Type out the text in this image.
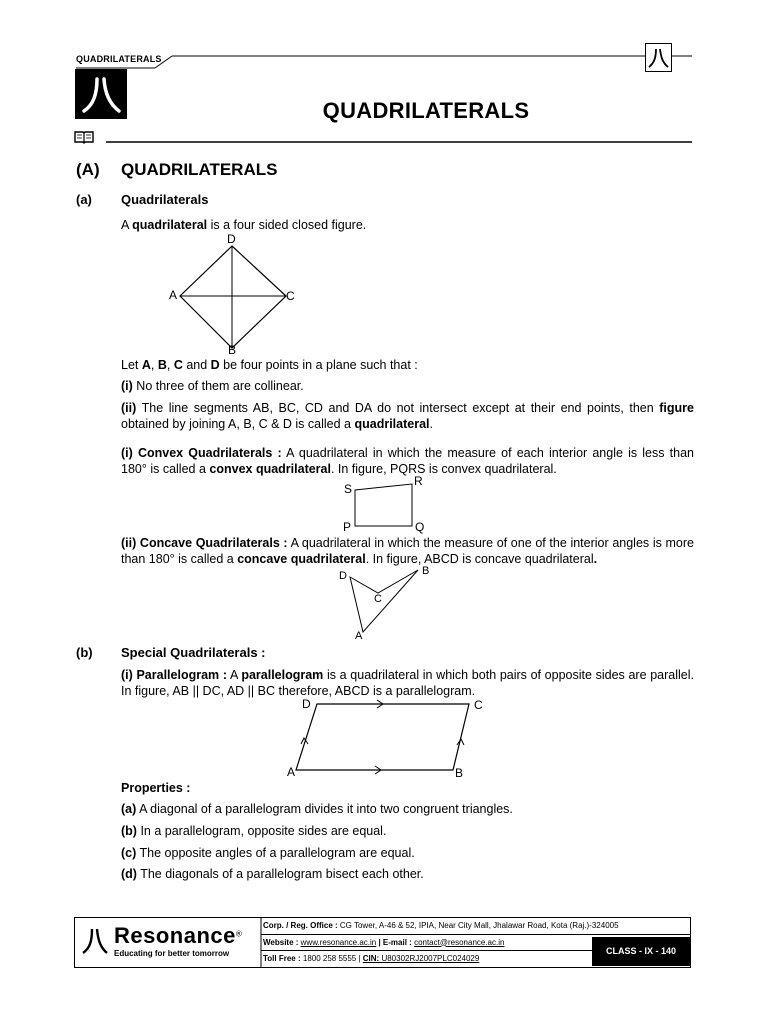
QUADRILATERALS
QUADRILATERALS
(A) QUADRILATERALS
(a) Quadrilaterals
A quadrilateral is a four sided closed figure.
D
A	C
B
Let A, B, C and D be four points in a plane such that :
(i) No three of them are collinear.
(ii) The line segments AB, BC, CD and DA do not intersect except at their end points, then figure obtained by joining A, B, C & D is called a quadrilateral.
(i) Convex Quadrilaterals : A quadrilateral in which the measure of each interior angle is less than 180° is called a convex quadrilateral. In figure, PQRS is convex quadrilateral.
S
R
P	Q
(ii) Concave Quadrilaterals : A quadrilateral in which the measure of one of the interior angles is more than 180° is called a concave quadrilateral. In figure, ABCD is concave quadrilateral.
D	B
C
A
(b) Special Quadrilaterals :
(i) Parallelogram : A parallelogram is a quadrilateral in which both pairs of opposite sides are parallel. In figure, AB || DC, AD || BC therefore, ABCD is a parallelogram.
D	C
A	B
Properties :
(a) A diagonal of a parallelogram divides it into two congruent triangles.
(b) In a parallelogram, opposite sides are equal.
(c) The opposite angles of a parallelogram are equal.
(d) The diagonals of a parallelogram bisect each other.
Resonance®
Educating for better tomorrow
Corp. / Reg. Office : CG Tower, A-46 & 52, IPIA, Near City Mall, Jhalawar Road, Kota (Raj.)-324005
Website : www.resonance.ac.in | E-mail : contact@resonance.ac.in
Toll Free : 1800 258 5555 | CIN: U80302RJ2007PLC024029
CLASS - IX - 140
